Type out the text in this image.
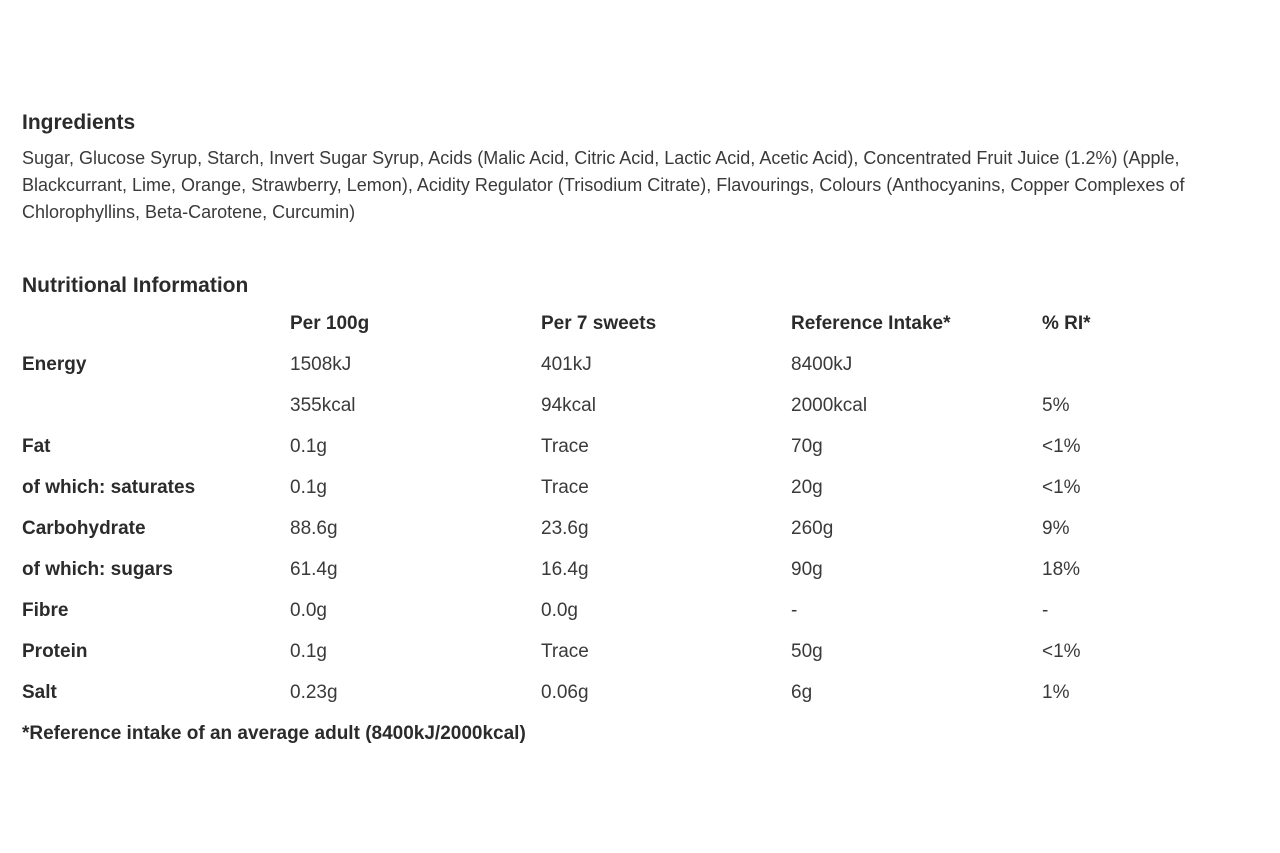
Ingredients

Sugar, Glucose Syrup, Starch, Invert Sugar Syrup, Acids (Malic Acid, Citric Acid, Lactic Acid, Acetic Acid), Concentrated Fruit Juice (1.2%) (Apple, Blackcurrant, Lime, Orange, Strawberry, Lemon), Acidity Regulator (Trisodium Citrate), Flavourings, Colours (Anthocyanins, Copper Complexes of Chlorophyllins, Beta-Carotene, Curcumin)

Nutritional Information
	Per 100g	Per 7 sweets	Reference Intake*	% RI*
Energy	1508kJ	401kJ	8400kJ	
	355kcal	94kcal	2000kcal	5%
Fat	0.1g	Trace	70g	<1%
of which: saturates	0.1g	Trace	20g	<1%
Carbohydrate	88.6g	23.6g	260g	9%
of which: sugars	61.4g	16.4g	90g	18%
Fibre	0.0g	0.0g	-	-
Protein	0.1g	Trace	50g	<1%
Salt	0.23g	0.06g	6g	1%

*Reference intake of an average adult (8400kJ/2000kcal)
